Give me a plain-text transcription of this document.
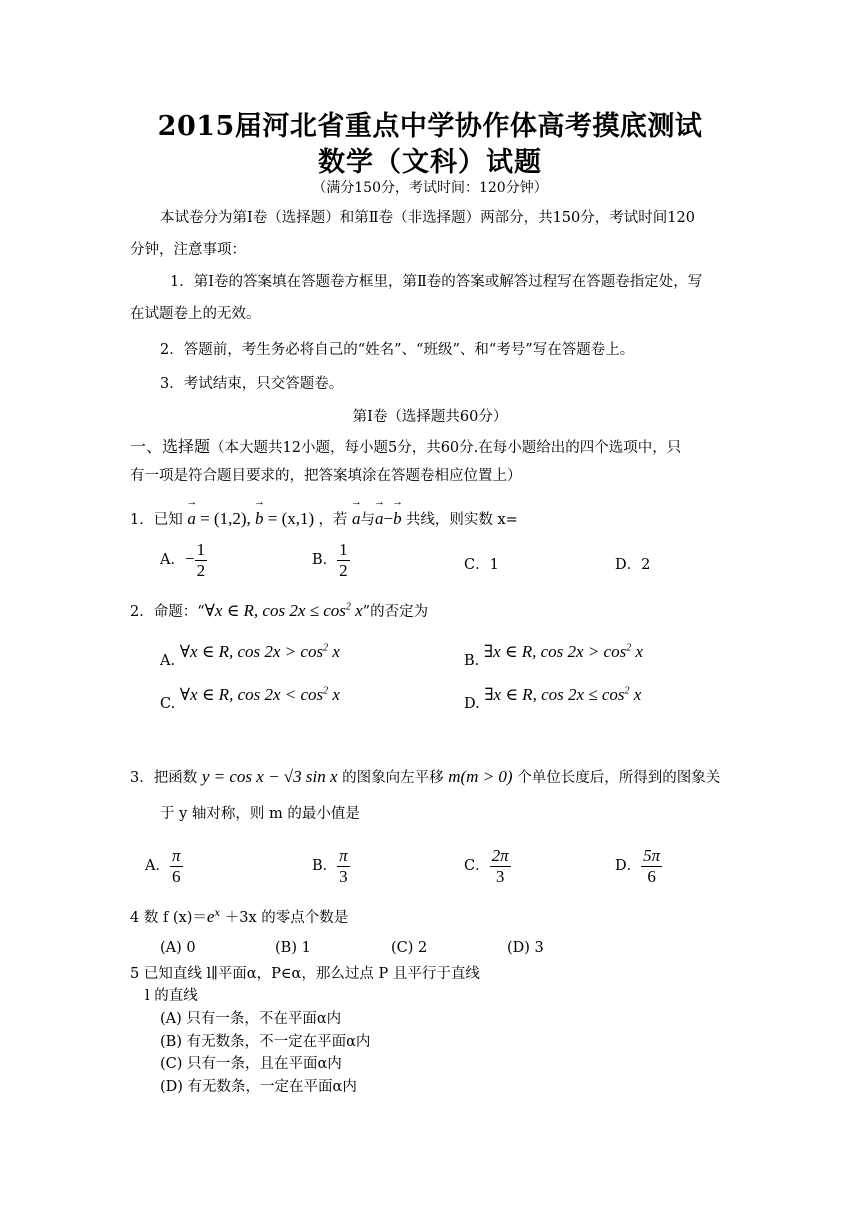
2015届河北省重点中学协作体高考摸底测试
数学（文科）试题
（满分150分，考试时间：120分钟）
本试卷分为第Ⅰ卷（选择题）和第Ⅱ卷（非选择题）两部分，共150分，考试时间120
分钟，注意事项：
1．第Ⅰ卷的答案填在答题卷方框里，第Ⅱ卷的答案或解答过程写在答题卷指定处，写
在试题卷上的无效。
2．答题前，考生务必将自己的“姓名”、“班级”、和“考号”写在答题卷上。
3．考试结束，只交答题卷。
第Ⅰ卷（选择题共60分）
一、选择题（本大题共12小题，每小题5分，共60分.在每小题给出的四个选项中，只
有一项是符合题目要求的，把答案填涂在答题卷相应位置上）
1．已知 → a = (1,2), → b = (x,1) ，若 → a与→ a−→ b 共线，则实数 x=
A．− $\frac{1}{2}$	B． $\frac{1}{2}$	C．1	D．2
2．命题：“∀x ∈ R, $\cos 2x \le \cos^2 x$”的否定为
A. ∀x ∈ R, $\cos 2x > \cos^2 x$	B. ∃x ∈ R, $\cos 2x > \cos^2 x$
C. ∀x ∈ R, $\cos 2x < \cos^2 x$	D. ∃x ∈ R, $\cos 2x \le \cos^2 x$
3．把函数 y = cos x − √3 sin x 的图象向左平移 m(m > 0) 个单位长度后，所得到的图象关
于 y 轴对称，则 m 的最小值是
A． $\frac{\pi}{6}$	B． $\frac{\pi}{3}$	C． $\frac{2\pi}{3}$	D． $\frac{5\pi}{6}$
4 数 f $(x)=e^x +3x$ 的零点个数是
(A) 0	(B) 1	(C) 2	(D) 3
5 已知直线 l∥平面α，P∈α，那么过点 P 且平行于直线
l 的直线
(A) 只有一条，不在平面α内
(B) 有无数条，不一定在平面α内
(C) 只有一条，且在平面α内
(D) 有无数条，一定在平面α内
